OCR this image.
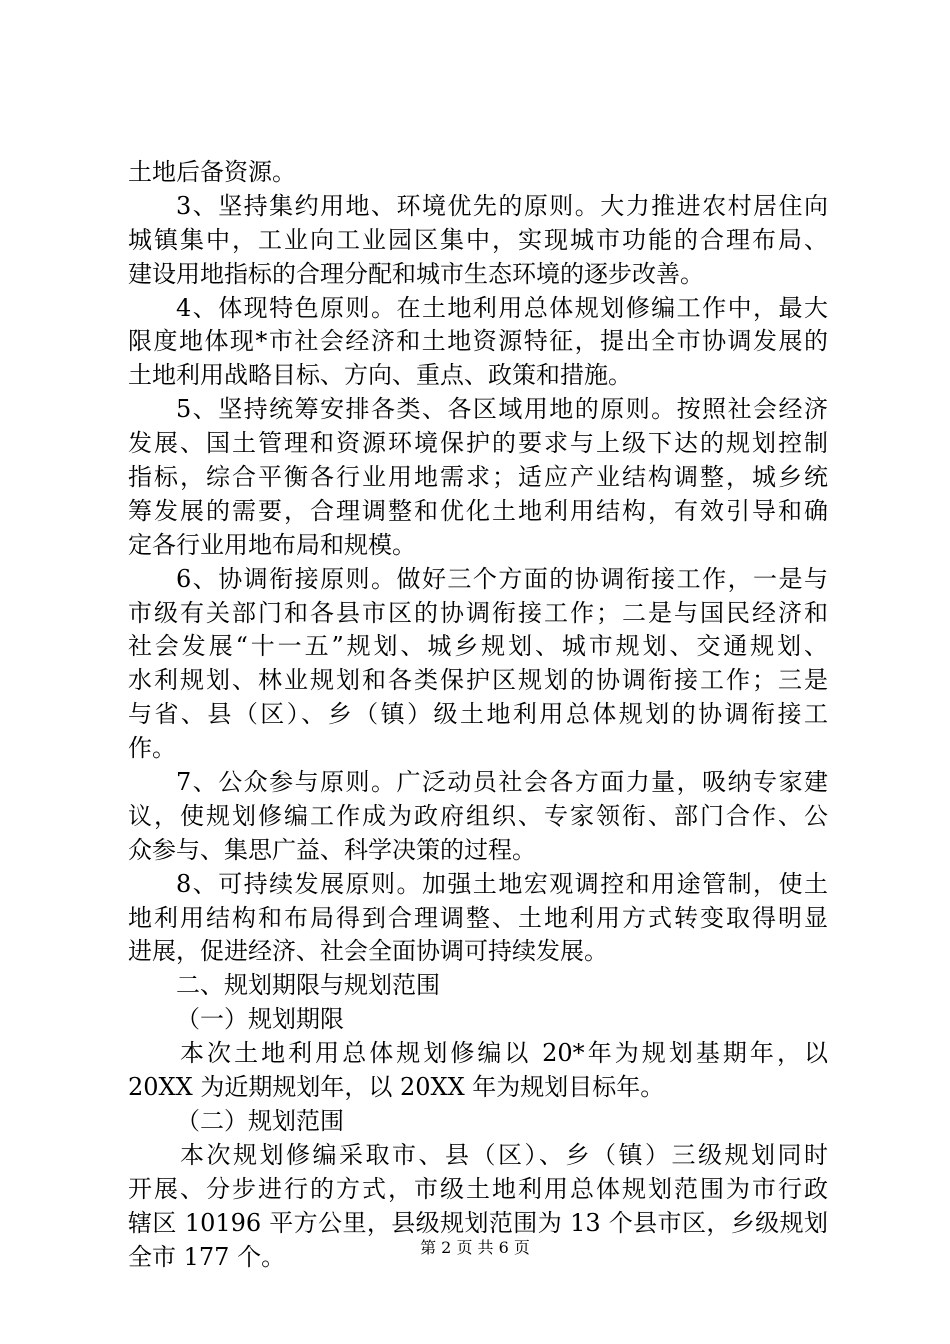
土地后备资源。
3、坚持集约用地、环境优先的原则。大力推进农村居住向
城镇集中，工业向工业园区集中，实现城市功能的合理布局、
建设用地指标的合理分配和城市生态环境的逐步改善。
4、体现特色原则。在土地利用总体规划修编工作中，最大
限度地体现*市社会经济和土地资源特征，提出全市协调发展的
土地利用战略目标、方向、重点、政策和措施。
5、坚持统筹安排各类、各区域用地的原则。按照社会经济
发展、国土管理和资源环境保护的要求与上级下达的规划控制
指标，综合平衡各行业用地需求；适应产业结构调整，城乡统
筹发展的需要，合理调整和优化土地利用结构，有效引导和确
定各行业用地布局和规模。
6、协调衔接原则。做好三个方面的协调衔接工作，一是与
市级有关部门和各县市区的协调衔接工作；二是与国民经济和
社会发展“十一五”规划、城乡规划、城市规划、交通规划、
水利规划、林业规划和各类保护区规划的协调衔接工作；三是
与省、县（区）、乡（镇）级土地利用总体规划的协调衔接工
作。
7、公众参与原则。广泛动员社会各方面力量，吸纳专家建
议，使规划修编工作成为政府组织、专家领衔、部门合作、公
众参与、集思广益、科学决策的过程。
8、可持续发展原则。加强土地宏观调控和用途管制，使土
地利用结构和布局得到合理调整、土地利用方式转变取得明显
进展，促进经济、社会全面协调可持续发展。
二、规划期限与规划范围
（一）规划期限
本次土地利用总体规划修编以 20*年为规划基期年，以
20XX 为近期规划年，以 20XX 年为规划目标年。
（二）规划范围
本次规划修编采取市、县（区）、乡（镇）三级规划同时
开展、分步进行的方式，市级土地利用总体规划范围为市行政
辖区 10196 平方公里，县级规划范围为 13 个县市区，乡级规划
全市 177 个。	第 2 页 共 6 页
